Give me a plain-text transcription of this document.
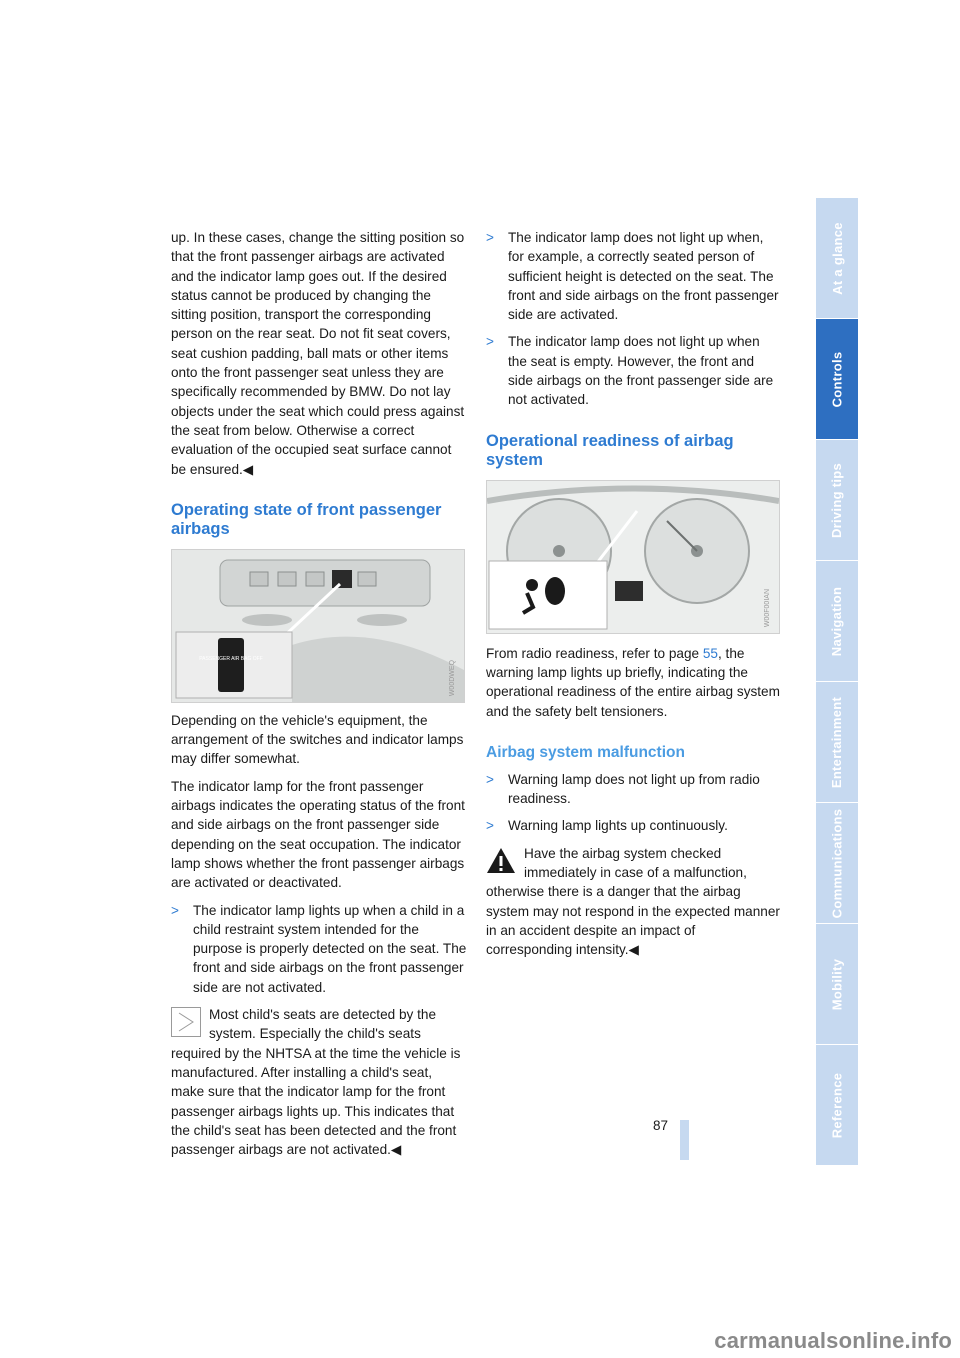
up. In these cases, change the sitting position so that the front passenger airbags are activated and the indicator lamp goes out. If the desired status cannot be produced by changing the sitting position, transport the corresponding person on the rear seat. Do not fit seat covers, seat cushion padding, ball mats or other items onto the front passenger seat unless they are specifically recommended by BMW. Do not lay objects under the seat which could press against the seat from below. Otherwise a correct evaluation of the occupied seat surface cannot be ensured.◀

Operating state of front passenger airbags
PASSENGER AIR BAG OFF
W00DWEQ

Depending on the vehicle's equipment, the arrangement of the switches and indicator lamps may differ somewhat.

The indicator lamp for the front passenger airbags indicates the operating status of the front and side airbags on the front passenger side depending on the seat occupation. The indicator lamp shows whether the front passenger airbags are activated or deactivated.

> The indicator lamp lights up when a child in a child restraint system intended for the purpose is properly detected on the seat. The front and side airbags on the front passenger side are not activated.
Most child's seats are detected by the system. Especially the child's seats required by the NHTSA at the time the vehicle is manufactured. After installing a child's seat, make sure that the indicator lamp for the front passenger airbags lights up. This indicates that the child's seat has been detected and the front passenger airbags are not activated.◀
> The indicator lamp does not light up when, for example, a correctly seated person of sufficient height is detected on the seat. The front and side airbags on the front passenger side are activated.
> The indicator lamp does not light up when the seat is empty. However, the front and side airbags on the front passenger side are not activated.
Operational readiness of airbag system
W00F00IAN

From radio readiness, refer to page 55, the warning lamp lights up briefly, indicating the operational readiness of the entire airbag system and the safety belt tensioners.

Airbag system malfunction
> Warning lamp does not light up from radio readiness.
> Warning lamp lights up continuously.
Have the airbag system checked immediately in case of a malfunction, otherwise there is a danger that the airbag system may not respond in the expected manner in an accident despite an impact of corresponding intensity.◀
At a glance
Controls
Driving tips
Navigation
Entertainment
Communications
Mobility
Reference
87
carmanualsonline.info
